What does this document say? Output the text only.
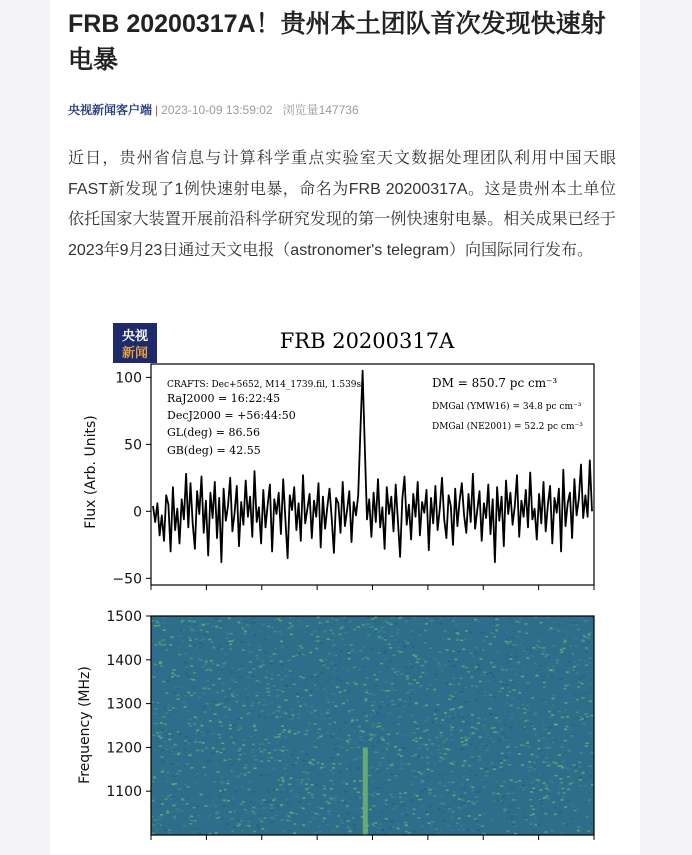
FRB 20200317A！贵州本土团队首次发现快速射电暴
央视新闻客户端 | 2023-10-09 13:59:02 浏览量147736

近日，贵州省信息与计算科学重点实验室天文数据处理团队利用中国天眼FAST新发现了1例快速射电暴，命名为FRB 20200317A。这是贵州本土单位依托国家大装置开展前沿科学研究发现的第一例快速射电暴。相关成果已经于2023年9月23日通过天文电报（astronomer's telegram）向国际同行发布。

央视
新闻
FRB 20200317A
−50
0
50
100
Flux (Arb. Units)
CRAFTS: Dec+5652, M14_1739.fil, 1.539s
RaJ2000 = 16:22:45
DecJ2000 = +56:44:50
GL(deg) = 86.56
GB(deg) = 42.55
DM = 850.7 pc cm⁻³
DMGal (YMW16) = 34.8 pc cm⁻³
DMGal (NE2001) = 52.2 pc cm⁻³
1100
1200
1300
1400
1500
Frequency (MHz)
